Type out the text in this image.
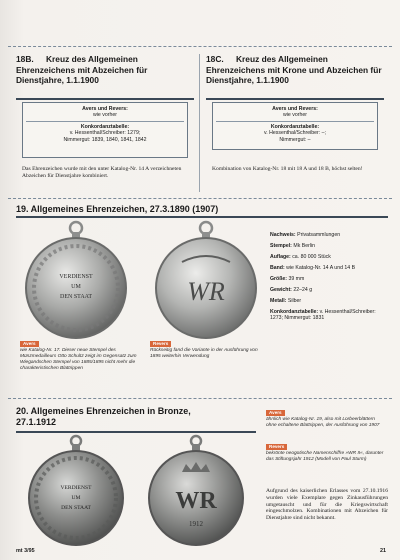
18B. Kreuz des Allgemeinen Ehrenzeichens mit Abzeichen für Dienstjahre, 1.1.1900
Avers und Revers:
wie vorher
Konkordanztabelle:
v. Hessenthal/Schreiber: 1279;
Nimmergut: 1839, 1840, 1841, 1842
Das Ehrenzeichen wurde mit den unter Katalog-Nr. 14 A verzeichneten Abzeichen für Dienstjahre kombiniert.
18C. Kreuz des Allgemeinen Ehrenzeichens mit Krone und Abzeichen für Dienstjahre, 1.1.1900
Avers und Revers:
wie vorher
Konkordanztabelle:
v. Hessenthal/Schreiber: –;
Nimmergut: –
Kombination von Katalog-Nr. 18 mit 18 A und 18 B, höchst selten!
19. Allgemeines Ehrenzeichen, 27.3.1890 (1907)
VERDIENST
UM
DEN STAAT	WR
Nachweis: Privatsammlungen
Stempel: Mk Berlin
Auflage: ca. 80 000 Stück
Band: wie Katalog-Nr. 14 A und 14 B
Größe: 39 mm
Gewicht: 22–24 g
Metall: Silber
Konkordanztabelle: v. Hessenthal/Schreiber: 1273; Nimmergut: 1831
Avers
wie Katalog-Nr. 17. Dieser neue Stempel des Münzmedailleurs Otto Schultz zeigt im Gegensatz zum Wiegandschen Stempel von 1885/1895 nicht mehr die charakteristischen Blattrippen
Revers
Rückseitig fand die Variante in der Ausführung von 1895 weiterhin Verwendung
20. Allgemeines Ehrenzeichen in Bronze,
27.1.1912
VERDIENST
UM
DEN STAAT	WR
1912
Avers
ähnlich wie Katalog-Nr. 19, also mit Lorbeerblättern ohne echaltene Blattrippen, der Ausführung von 1907
Revers
bekrönte neogotische Namenschiffre »WR II«, darunter das Stiftungsjahr 1912 (Modell von Paul Sturm)
Aufgrund des kaiserlichen Erlasses vom 27.10.1916 wurden viele Exemplare gegen Zinkausführungen umgetauscht und für die Kriegswirtschaft eingeschmolzen. Kombinationen mit Abzeichen für Dienstjahre sind nicht bekannt.
mt 3/95	21
